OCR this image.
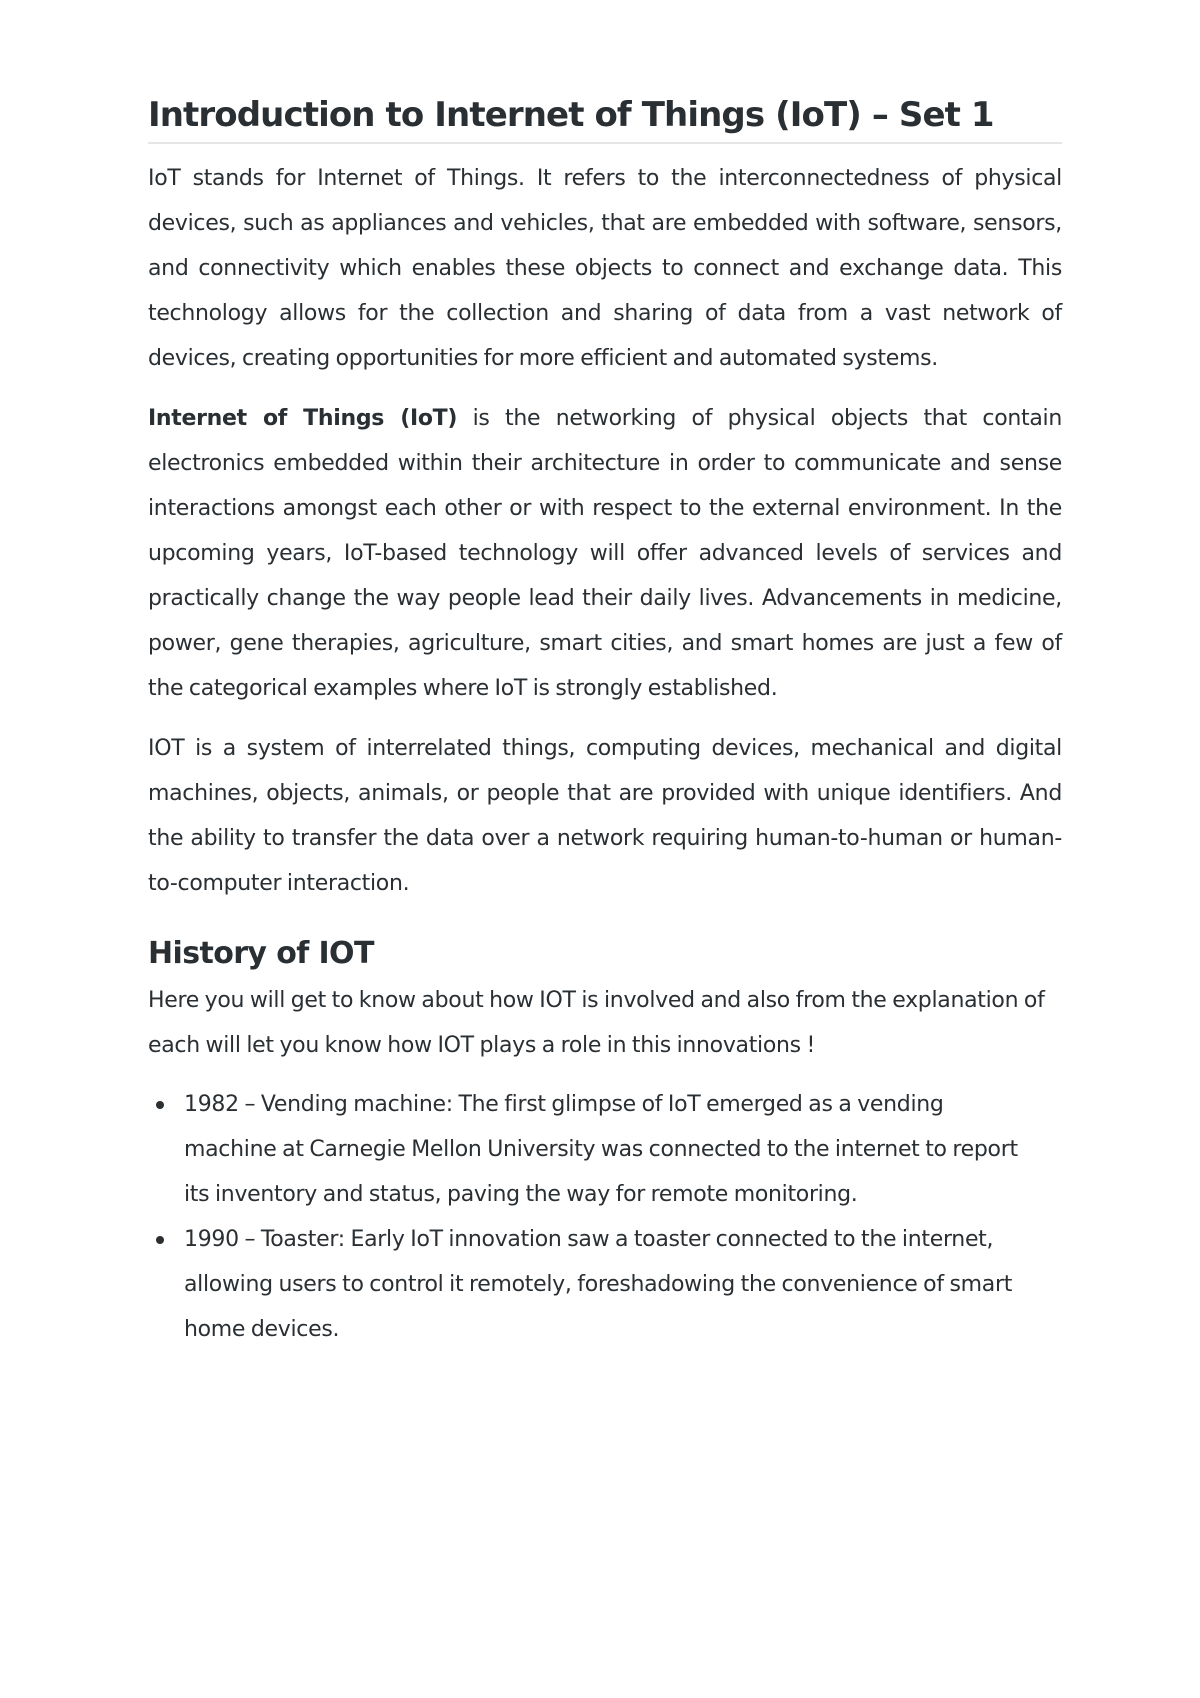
Introduction to Internet of Things (IoT) – Set 1

IoT stands for Internet of Things. It refers to the interconnectedness of physical devices, such as appliances and vehicles, that are embedded with software, sensors, and connectivity which enables these objects to connect and exchange data. This technology allows for the collection and sharing of data from a vast network of devices, creating opportunities for more efficient and automated systems.

Internet of Things (IoT) is the networking of physical objects that contain electronics embedded within their architecture in order to communicate and sense interactions amongst each other or with respect to the external environment. In the upcoming years, IoT-based technology will offer advanced levels of services and practically change the way people lead their daily lives. Advancements in medicine, power, gene therapies, agriculture, smart cities, and smart homes are just a few of the categorical examples where IoT is strongly established.

IOT is a system of interrelated things, computing devices, mechanical and digital machines, objects, animals, or people that are provided with unique identifiers. And the ability to transfer the data over a network requiring human-to-human or human-to-computer interaction.

History of IOT

Here you will get to know about how IOT is involved and also from the explanation of each will let you know how IOT plays a role in this innovations !

1982 – Vending machine: The first glimpse of IoT emerged as a vending machine at Carnegie Mellon University was connected to the internet to report its inventory and status, paving the way for remote monitoring.
1990 – Toaster: Early IoT innovation saw a toaster connected to the internet, allowing users to control it remotely, foreshadowing the convenience of smart home devices.
